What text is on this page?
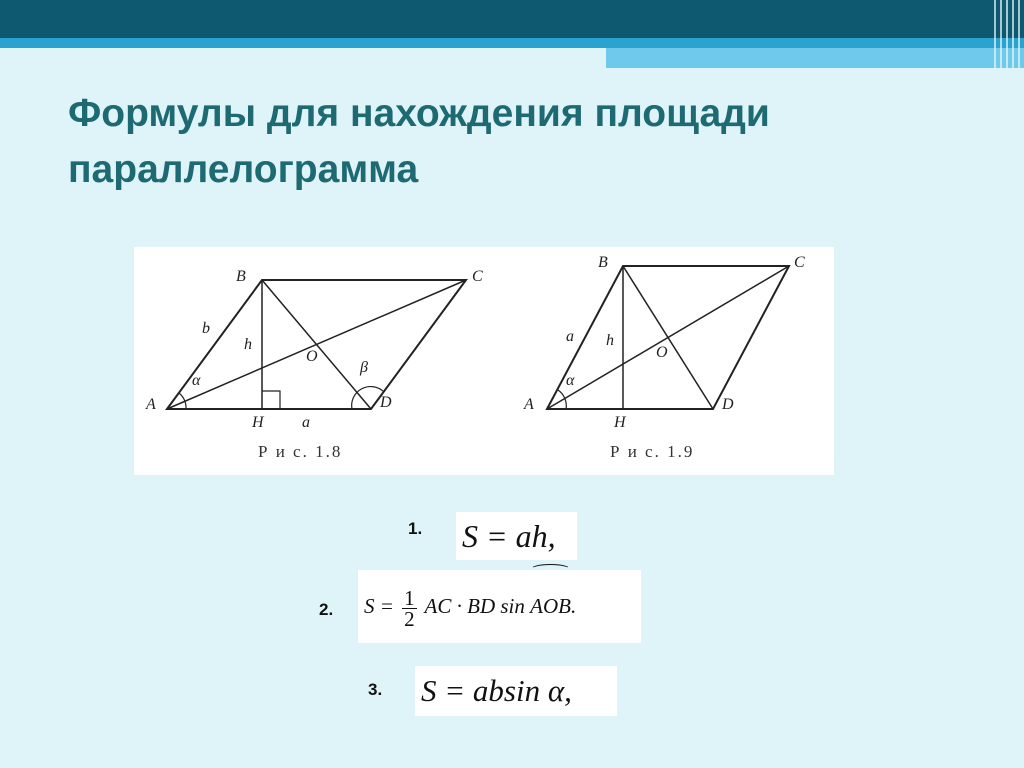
Формулы для нахождения площади
параллелограмма
A
B	C
D
H
O
b
h
a
α
β
Р и с. 1.8
A
B	C
D
H
O
a h
α
Р и с. 1.9
1. S = ah,
2. $S = \frac{1}{2}$ AC · BD sin AOB.
3. S = absin α,
